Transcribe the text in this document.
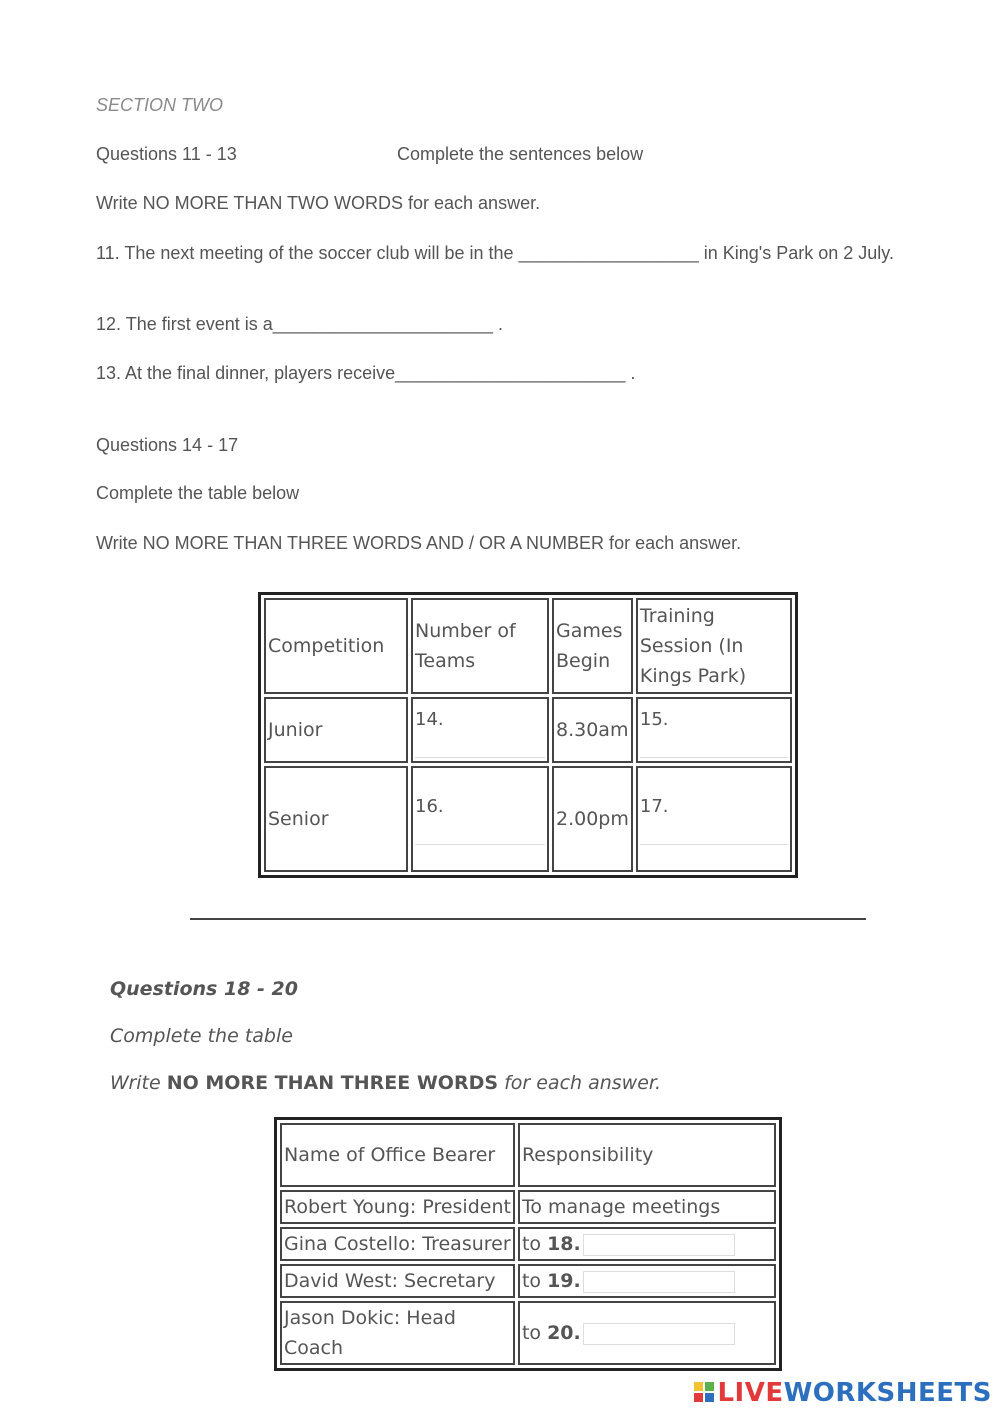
SECTION TWO
Questions 11 - 13	Complete the sentences below
Write NO MORE THAN TWO WORDS for each answer.
11. The next meeting of the soccer club will be in the __________________ in King's Park on 2 July.
12. The first event is a______________________ .
13. At the final dinner, players receive_______________________ .
Questions 14 - 17
Complete the table below
Write NO MORE THAN THREE WORDS AND / OR A NUMBER for each answer.
Competition	Number of Teams	Games Begin	Training Session (In Kings Park)
Junior	14.	8.30am	15.

Senior	16.	2.00pm	17.
Questions 18 - 20
Complete the table
Write NO MORE THAN THREE WORDS for each answer.
Name of Office Bearer	Responsibility
Robert Young: President	To manage meetings
Gina Costello: Treasurer	to 18.
David West: Secretary	to 19.
Jason Dokic: Head Coach	to 20.
LIVEWORKSHEETS
